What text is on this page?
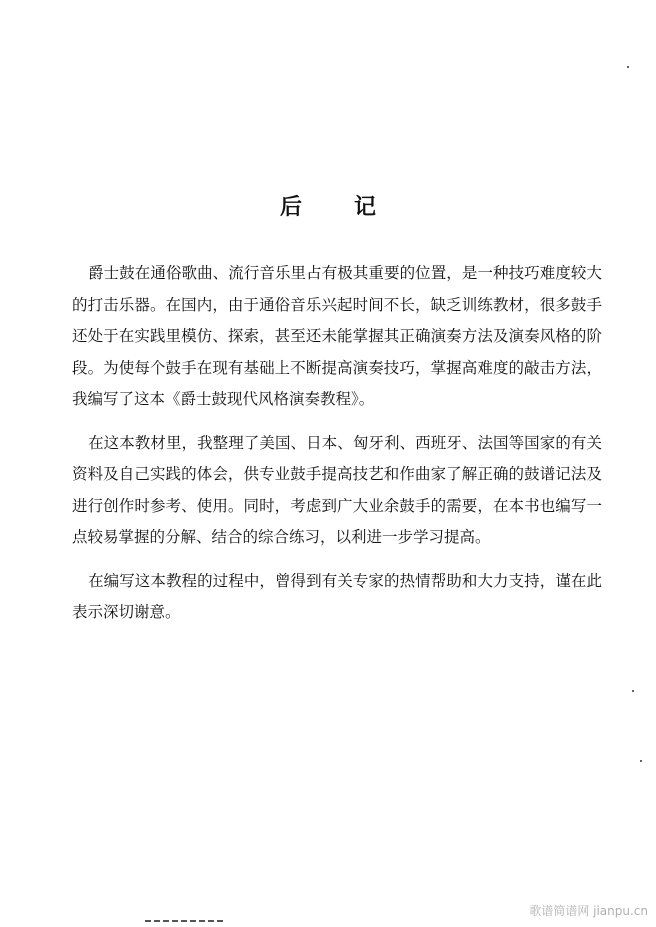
后 记

爵士鼓在通俗歌曲、流行音乐里占有极其重要的位置，是一种技巧难度较大的打击乐器。在国内，由于通俗音乐兴起时间不长，缺乏训练教材，很多鼓手还处于在实践里模仿、探索，甚至还未能掌握其正确演奏方法及演奏风格的阶段。为使每个鼓手在现有基础上不断提高演奏技巧，掌握高难度的敲击方法，我编写了这本《爵士鼓现代风格演奏教程》。

在这本教材里，我整理了美国、日本、匈牙利、西班牙、法国等国家的有关资料及自己实践的体会，供专业鼓手提高技艺和作曲家了解正确的鼓谱记法及进行创作时参考、使用。同时，考虑到广大业余鼓手的需要，在本书也编写一点较易掌握的分解、结合的综合练习，以利进一步学习提高。

在编写这本教程的过程中，曾得到有关专家的热情帮助和大力支持，谨在此表示深切谢意。

歌谱简谱网 jianpu.cn
